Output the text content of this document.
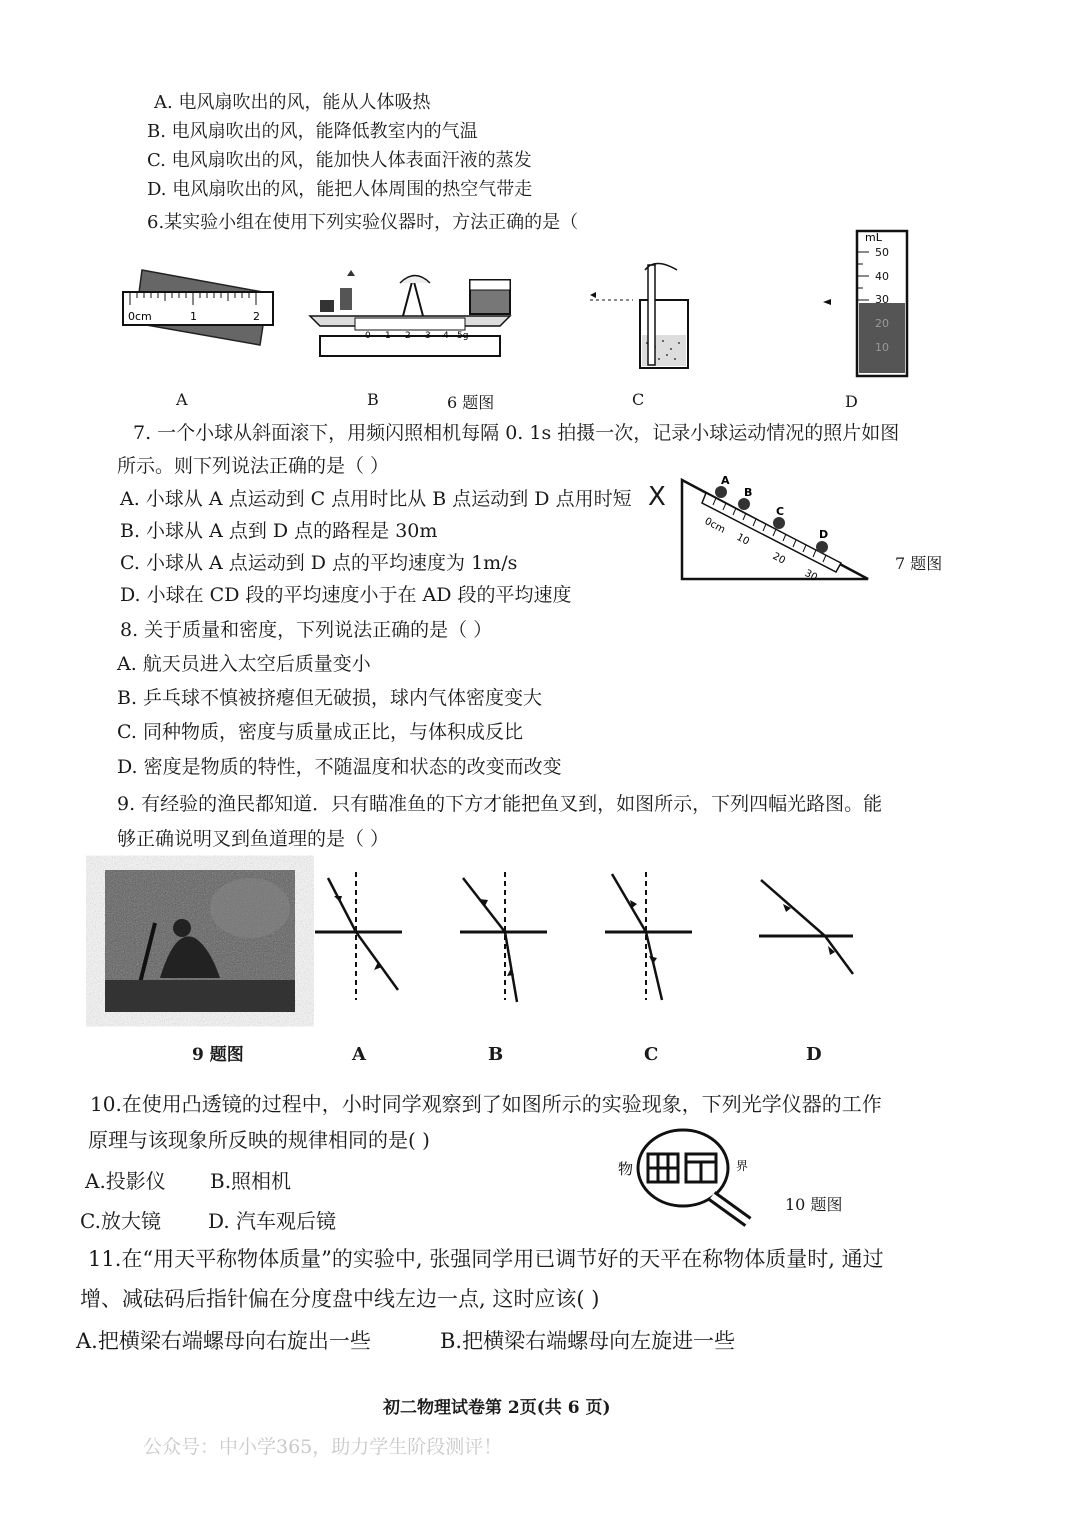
A. 电风扇吹出的风，能从人体吸热
B. 电风扇吹出的风，能降低教室内的气温
C. 电风扇吹出的风，能加快人体表面汗液的蒸发
D. 电风扇吹出的风，能把人体周围的热空气带走
6.某实验小组在使用下列实验仪器时，方法正确的是（
0cm	1	2
0 1 2 3 4 5g
mL
50
40
30
20
10
A	B	6 题图	C	D
7. 一个小球从斜面滚下，用频闪照相机每隔 0. 1s 拍摄一次，记录小球运动情况的照片如图
所示。则下列说法正确的是（ ）
A. 小球从 A 点运动到 C 点用时比从 B 点运动到 D 点用时短 X
B. 小球从 A 点到 D 点的路程是 30m
C. 小球从 A 点运动到 D 点的平均速度为 1m/s
D. 小球在 CD 段的平均速度小于在 AD 段的平均速度
0cm
10
20
30
A
B
C
D
7 题图
8. 关于质量和密度，下列说法正确的是（ ）
A. 航天员进入太空后质量变小
B. 乒乓球不慎被挤瘪但无破损，球内气体密度变大
C. 同种物质，密度与质量成正比，与体积成反比
D. 密度是物质的特性，不随温度和状态的改变而改变
9. 有经验的渔民都知道．只有瞄准鱼的下方才能把鱼叉到，如图所示，下列四幅光路图。能
够正确说明叉到鱼道理的是（ ）
9 题图	A	B	C	D
10.在使用凸透镜的过程中，小时同学观察到了如图所示的实验现象，下列光学仪器的工作
原理与该现象所反映的规律相同的是( )
A.投影仪 B.照相机
C.放大镜 D. 汽车观后镜
物	界
10 题图
11.在“用天平称物体质量”的实验中, 张强同学用已调节好的天平在称物体质量时, 通过
增、减砝码后指针偏在分度盘中线左边一点, 这时应该( )
A.把横梁右端螺母向右旋出一些	B.把横梁右端螺母向左旋进一些
初二物理试卷第 2页(共 6 页)
公众号：中小学365，助力学生阶段测评！
